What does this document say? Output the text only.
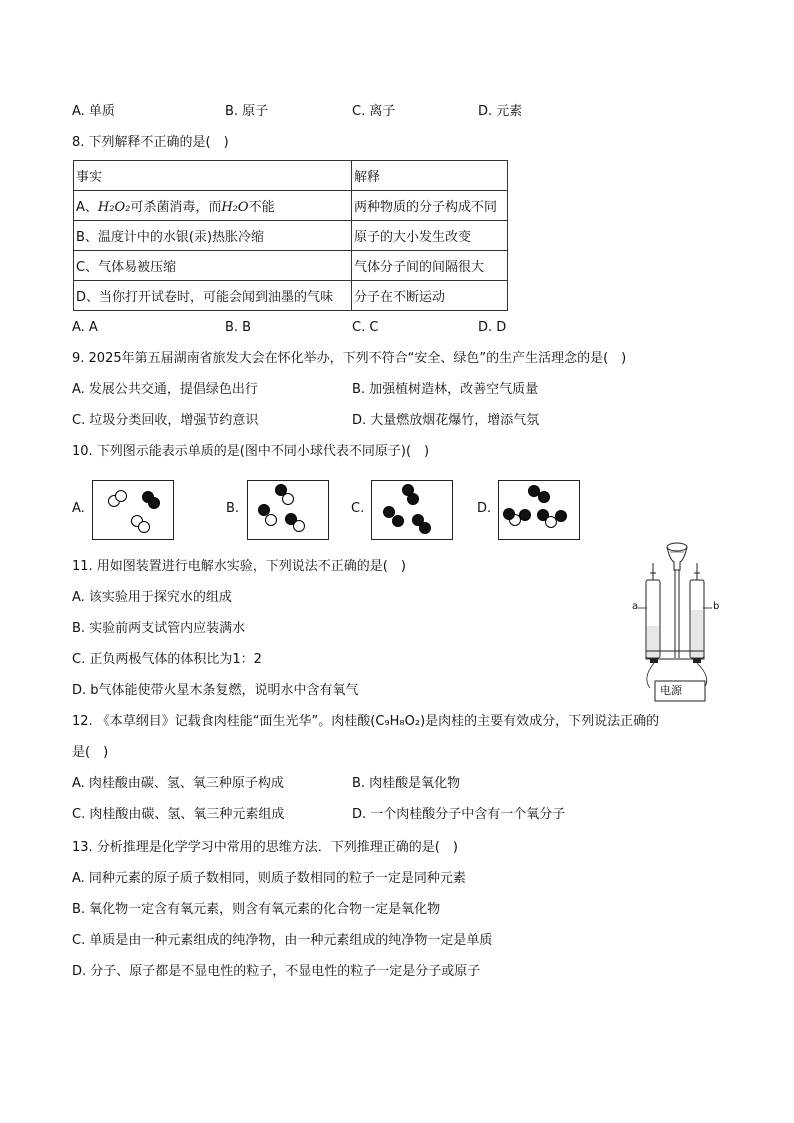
A. 单质	B. 原子	C. 离子	D. 元素
8. 下列解释不正确的是(　)
事实	解释
A、H₂O₂可杀菌消毒，而H₂O不能	两种物质的分子构成不同
B、温度计中的水银(汞)热胀冷缩	原子的大小发生改变
C、气体易被压缩	气体分子间的间隔很大
D、当你打开试卷时，可能会闻到油墨的气味	分子在不断运动
A. A	B. B	C. C	D. D
9. 2025年第五届湖南省旅发大会在怀化举办，下列不符合“安全、绿色”的生产生活理念的是(　)
A. 发展公共交通，提倡绿色出行	B. 加强植树造林，改善空气质量
C. 垃圾分类回收，增强节约意识	D. 大量燃放烟花爆竹，增添气氛
10. 下列图示能表示单质的是(图中不同小球代表不同原子)(　)
A.	B.	C.	D.
11. 用如图装置进行电解水实验，下列说法不正确的是(　)
A. 该实验用于探究水的组成
B. 实验前两支试管内应装满水
C. 正负两极气体的体积比为1：2
D. b气体能使带火星木条复燃，说明水中含有氧气
a	b
电源
12. 《本草纲目》记载食肉桂能“面生光华”。肉桂酸(C₉H₈O₂)是肉桂的主要有效成分，下列说法正确的
是(　)
A. 肉桂酸由碳、氢、氧三种原子构成	B. 肉桂酸是氧化物
C. 肉桂酸由碳、氢、氧三种元素组成	D. 一个肉桂酸分子中含有一个氧分子
13. 分析推理是化学学习中常用的思维方法．下列推理正确的是(　)
A. 同种元素的原子质子数相同，则质子数相同的粒子一定是同种元素
B. 氧化物一定含有氧元素，则含有氧元素的化合物一定是氧化物
C. 单质是由一种元素组成的纯净物，由一种元素组成的纯净物一定是单质
D. 分子、原子都是不显电性的粒子，不显电性的粒子一定是分子或原子
